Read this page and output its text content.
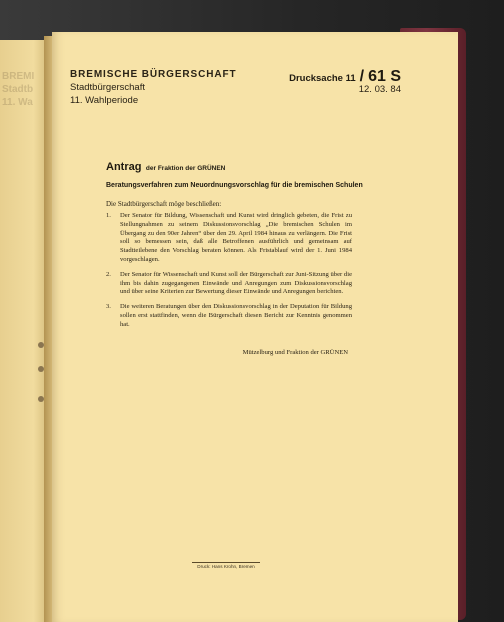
BREMI
Stadtb
11. Wa
BREMISCHE BÜRGERSCHAFT
Stadtbürgerschaft
11. Wahlperiode
Drucksache 11 / 61 S
12. 03. 84
Antrag der Fraktion der GRÜNEN
Beratungsverfahren zum Neuordnungsvorschlag für die bremischen Schulen
Die Stadtbürgerschaft möge beschließen:
1. Der Senator für Bildung, Wissenschaft und Kunst wird dringlich gebeten, die Frist zu Stellungnahmen zu seinem Diskussionsvorschlag „Die bremischen Schulen im Übergang zu den 90er Jahren“ über den 29. April 1984 hinaus zu verlängern. Die Frist soll so bemessen sein, daß alle Betroffenen ausführlich und gemeinsam auf Stadtteilebene den Vorschlag beraten können. Als Fristablauf wird der 1. Juni 1984 vorgeschlagen.
2. Der Senator für Wissenschaft und Kunst soll der Bürgerschaft zur Juni-Sitzung über die ihm bis dahin zugegangenen Einwände und Anregungen zum Diskussionsvorschlag und über seine Kriterien zur Bewertung dieser Einwände und Anregungen berichten.
3. Die weiteren Beratungen über den Diskussionsvorschlag in der Deputation für Bildung sollen erst stattfinden, wenn die Bürgerschaft diesen Bericht zur Kenntnis genommen hat.
Mützelburg und Fraktion der GRÜNEN
Druck: Hans Krohn, Bremen
